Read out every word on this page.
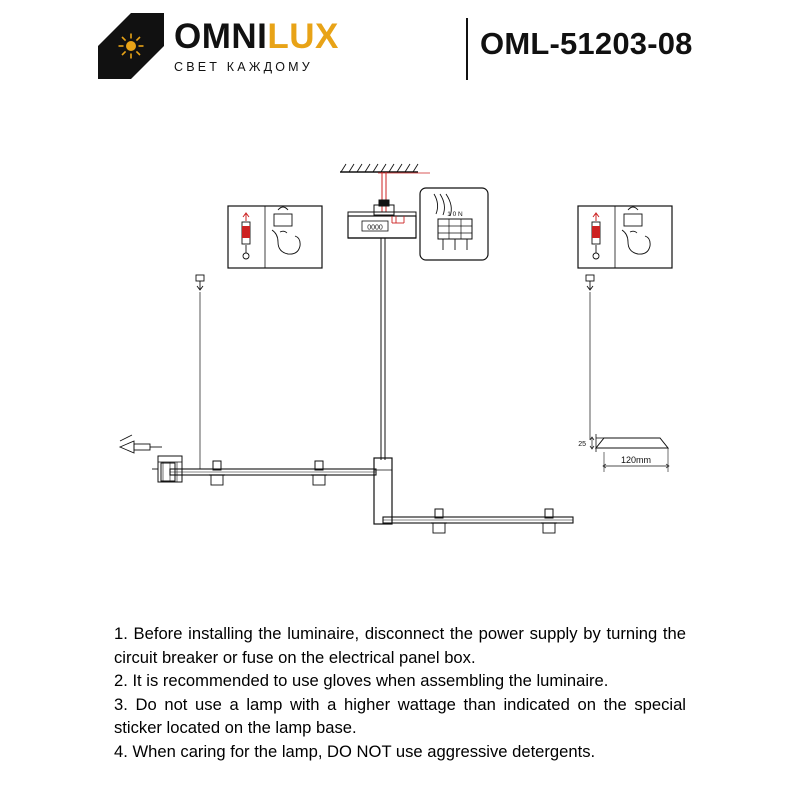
OMNILUX
СВЕТ КАЖДОМУ
OML-51203-08
0000
1 0 N
25
120mm

1. Before installing the luminaire, disconnect the power supply by turning the circuit breaker or fuse on the electrical panel box.

2. It is recommended to use gloves when assembling the luminaire.

3. Do not use a lamp with a higher wattage than indicated on the special sticker located on the lamp base.

4. When caring for the lamp, DO NOT use aggressive detergents.
